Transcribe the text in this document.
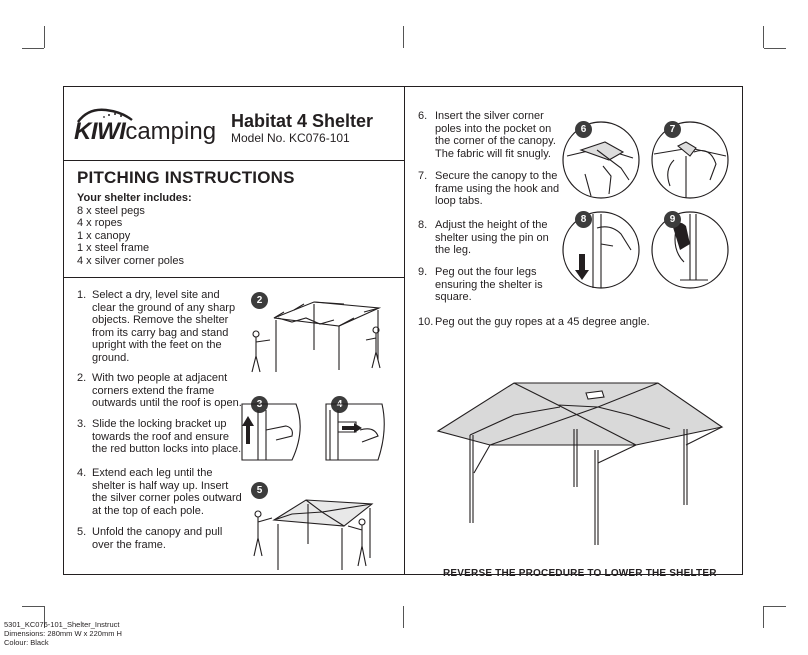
KIWIcamping Habitat 4 Shelter
Model No. KC076-101
PITCHING INSTRUCTIONS
Your shelter includes:
8 x steel pegs
4 x ropes
1 x canopy
1 x steel frame
4 x silver corner poles
1. Select a dry, level site and
clear the ground of any sharp
objects. Remove the shelter
from its carry bag and stand
upright with the feet on the
ground.
2. With two people at adjacent
corners extend the frame
outwards until the roof is open.
3. Slide the locking bracket up
towards the roof and ensure
the red button locks into place.
4. Extend each leg until the
shelter is half way up. Insert
the silver corner poles outward
at the top of each pole.
5. Unfold the canopy and pull
over the frame.
2
3	4
5
6. Insert the silver corner
poles into the pocket on
the corner of the canopy.
The fabric will fit snugly.
7. Secure the canopy to the
frame using the hook and
loop tabs.
8. Adjust the height of the
shelter using the pin on
the leg.
9. Peg out the four legs
ensuring the shelter is
square.
10. Peg out the guy ropes at a 45 degree angle.
6	7
8	9
REVERSE THE PROCEDURE TO LOWER THE SHELTER
5301_KC076-101_Shelter_Instruct
Dimensions: 280mm W x 220mm H
Colour: Black
